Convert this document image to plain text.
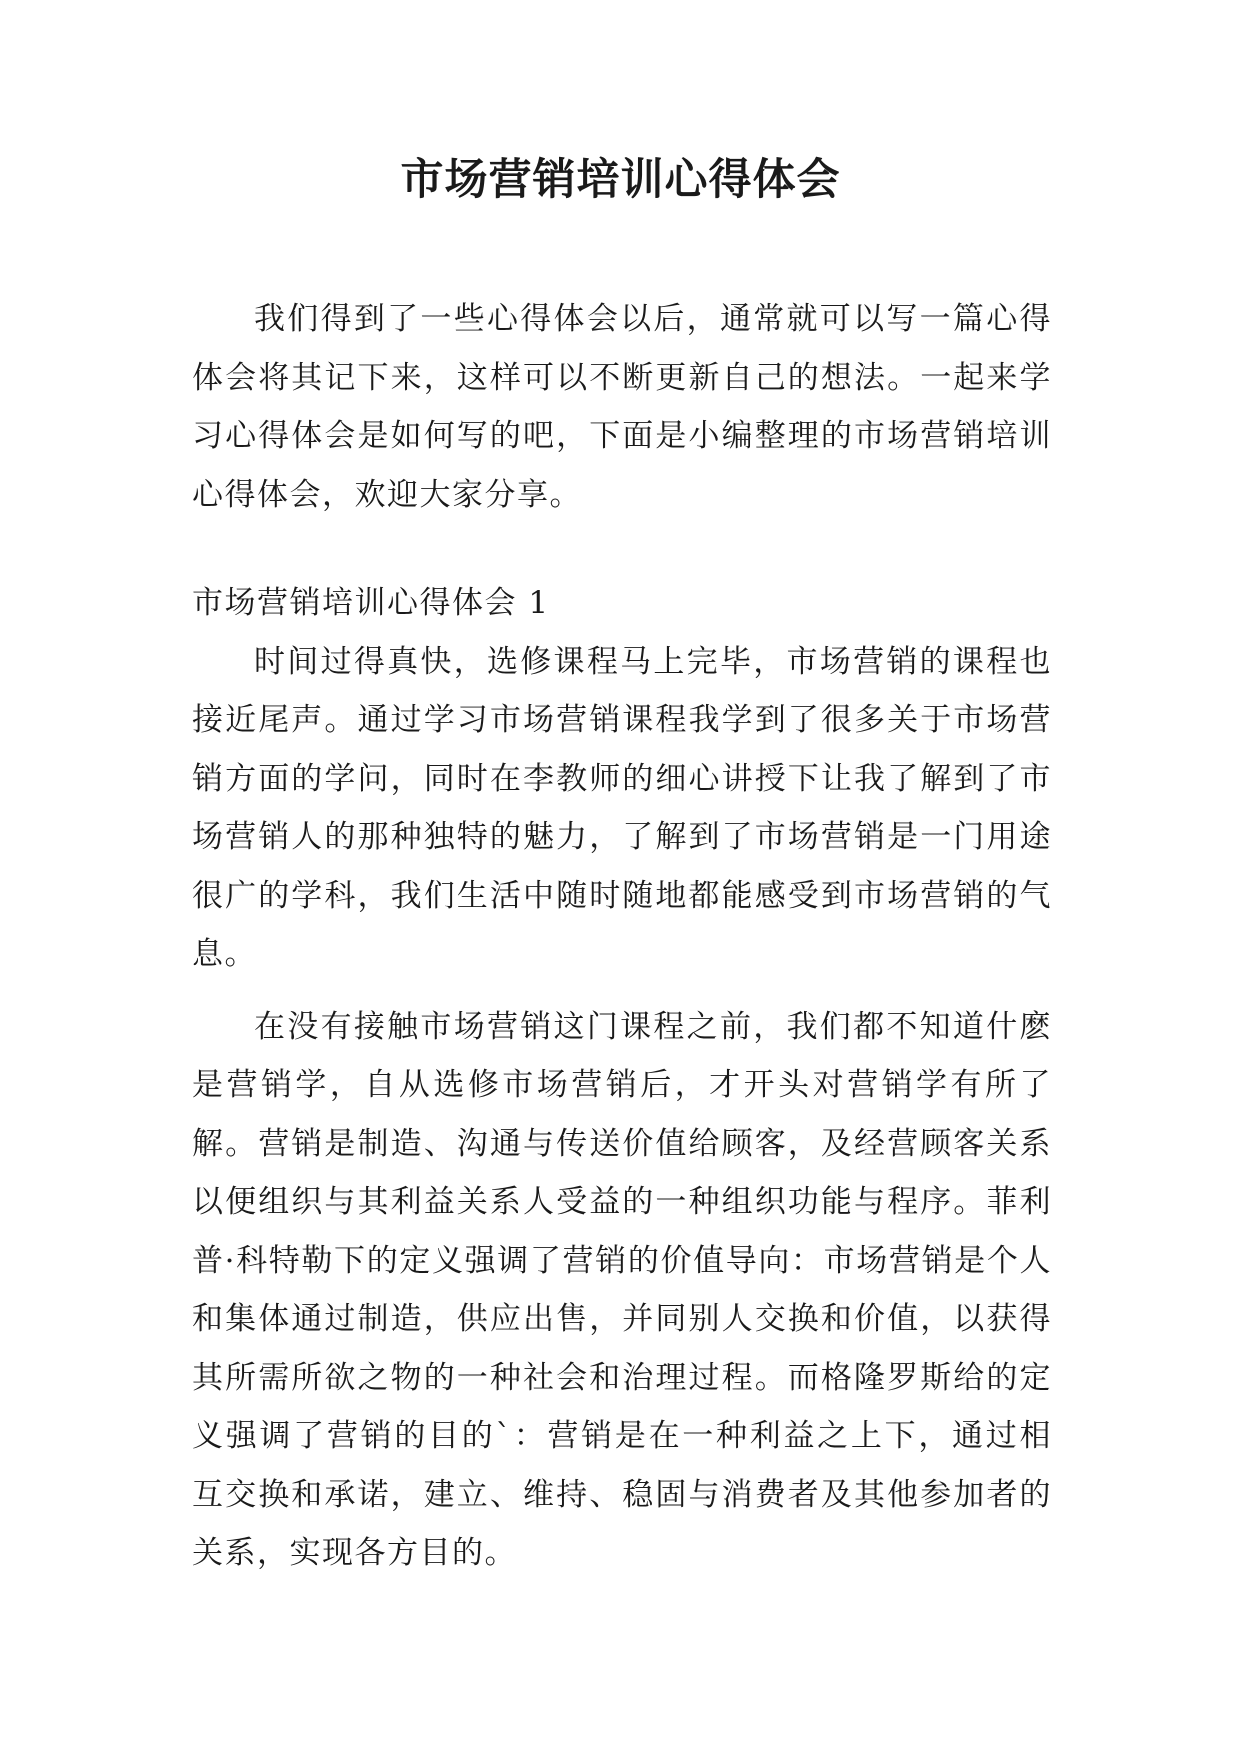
市场营销培训心得体会

我们得到了一些心得体会以后，通常就可以写一篇心得体会将其记下来，这样可以不断更新自己的想法。一起来学习心得体会是如何写的吧，下面是小编整理的市场营销培训心得体会，欢迎大家分享。

市场营销培训心得体会 1

时间过得真快，选修课程马上完毕，市场营销的课程也接近尾声。通过学习市场营销课程我学到了很多关于市场营销方面的学问，同时在李教师的细心讲授下让我了解到了市场营销人的那种独特的魅力，了解到了市场营销是一门用途很广的学科，我们生活中随时随地都能感受到市场营销的气息。

在没有接触市场营销这门课程之前，我们都不知道什麽是营销学，自从选修市场营销后，才开头对营销学有所了解。营销是制造、沟通与传送价值给顾客，及经营顾客关系以便组织与其利益关系人受益的一种组织功能与程序。菲利普·科特勒下的定义强调了营销的价值导向：市场营销是个人和集体通过制造，供应出售，并同别人交换和价值，以获得其所需所欲之物的一种社会和治理过程。而格隆罗斯给的定义强调了营销的目的`：营销是在一种利益之上下，通过相互交换和承诺，建立、维持、稳固与消费者及其他参加者的关系，实现各方目的。
